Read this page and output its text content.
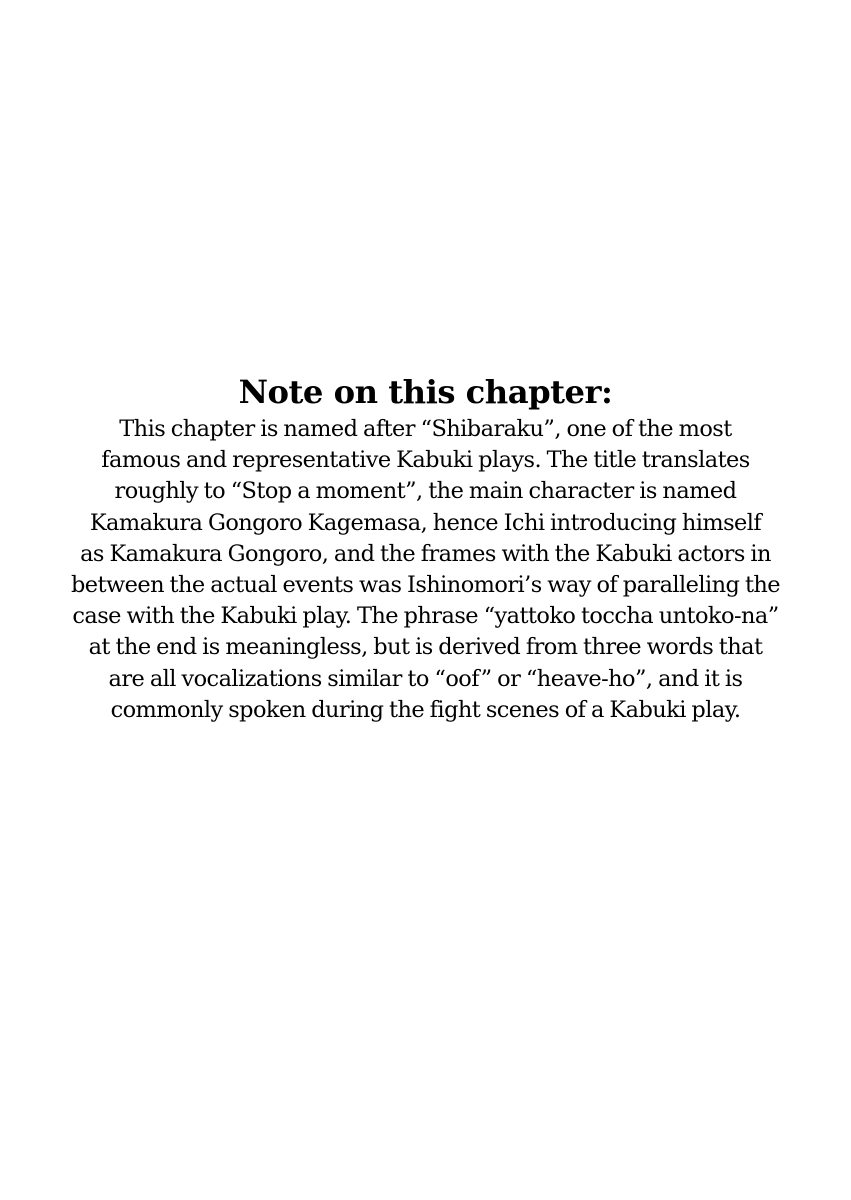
Note on this chapter:

This chapter is named after “Shibaraku”, one of the most
famous and representative Kabuki plays. The title translates
roughly to “Stop a moment”, the main character is named
Kamakura Gongoro Kagemasa, hence Ichi introducing himself
as Kamakura Gongoro, and the frames with the Kabuki actors in
between the actual events was Ishinomori’s way of paralleling the
case with the Kabuki play. The phrase “yattoko toccha untoko-na”
at the end is meaningless, but is derived from three words that
are all vocalizations similar to “oof” or “heave-ho”, and it is
commonly spoken during the fight scenes of a Kabuki play.
